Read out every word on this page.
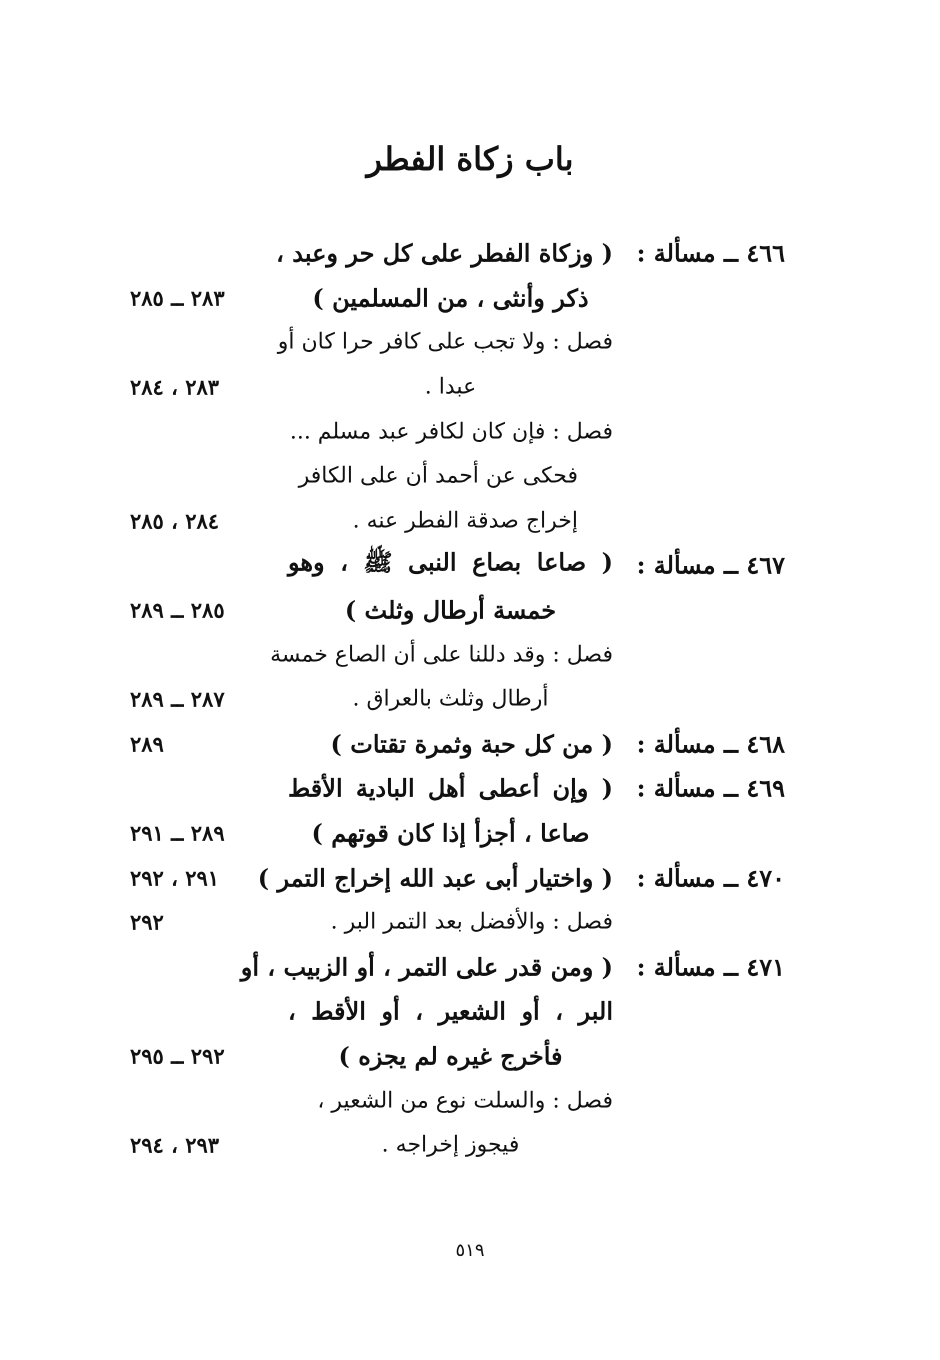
باب زكاة الفطر
٤٦٦ ــ مسألة :
( وزكاة الفطر على كل حر وعبد ،
ذكر وأنثى ، من المسلمين )
٢٨٣ ــ ٢٨٥
فصل : ولا تجب على كافر حرا كان أو
عبدا .
٢٨٣ ، ٢٨٤
فصل : فإن كان لكافر عبد مسلم ...
فحكى عن أحمد أن على الكافر
إخراج صدقة الفطر عنه .
٢٨٤ ، ٢٨٥
٤٦٧ ــ مسألة :
( صاعا بصاع النبى ﷺ ، وهو
خمسة أرطال وثلث )
٢٨٥ ــ ٢٨٩
فصل : وقد دللنا على أن الصاع خمسة
أرطال وثلث بالعراق .
٢٨٧ ــ ٢٨٩
٤٦٨ ــ مسألة :
( من كل حبة وثمرة تقتات )
٢٨٩
٤٦٩ ــ مسألة :
( وإن أعطى أهل البادية الأقط
صاعا ، أجزأ إذا كان قوتهم )
٢٨٩ ــ ٢٩١
٤٧٠ ــ مسألة :
( واختيار أبى عبد الله إخراج التمر )
٢٩١ ، ٢٩٢
فصل : والأفضل بعد التمر البر .
٢٩٢
٤٧١ ــ مسألة :
( ومن قدر على التمر ، أو الزبيب ، أو
البر ، أو الشعير ، أو الأقط ،
فأخرج غيره لم يجزه )
٢٩٢ ــ ٢٩٥
فصل : والسلت نوع من الشعير ،
فيجوز إخراجه .
٢٩٣ ، ٢٩٤
٥١٩
